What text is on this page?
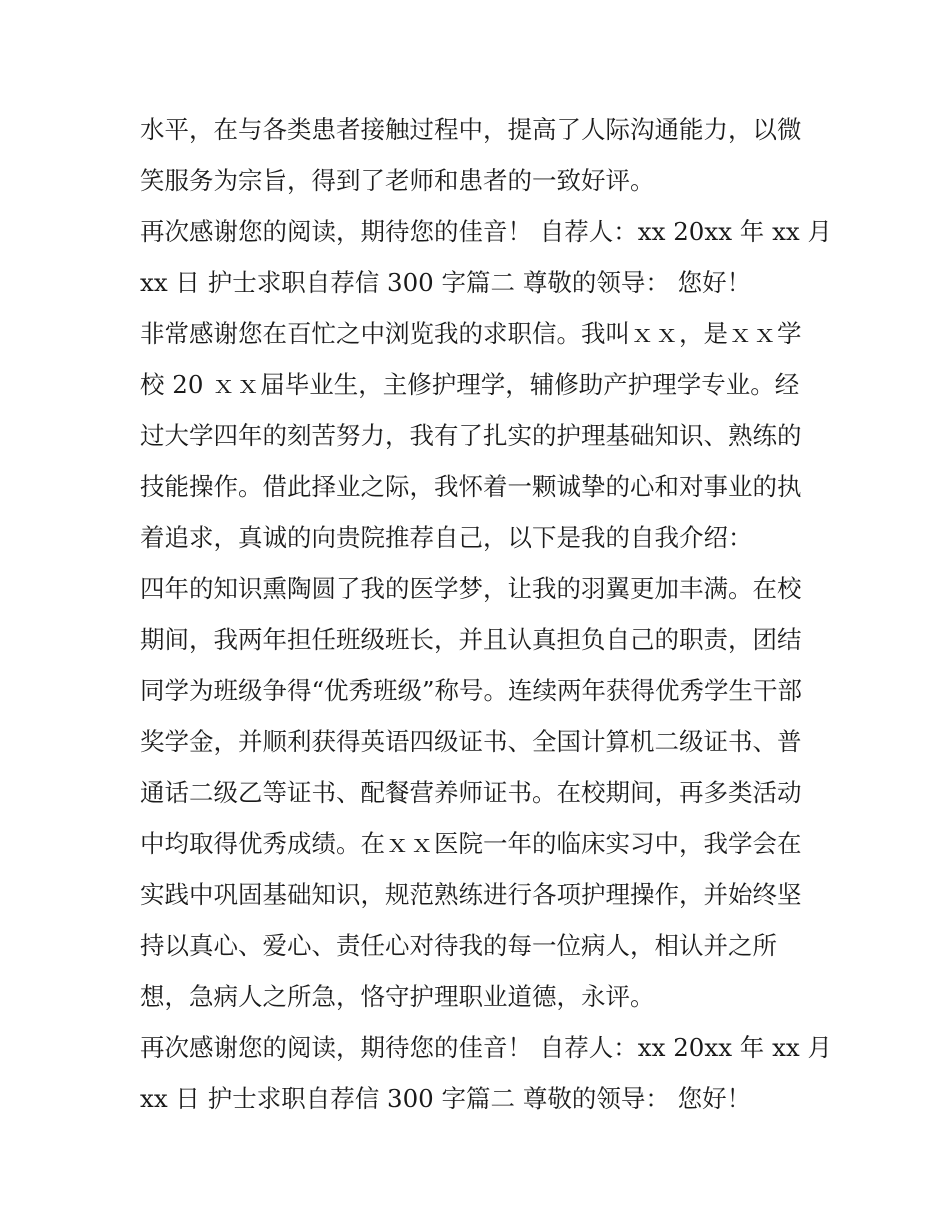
水平，在与各类患者接触过程中，提高了人际沟通能力，以微
笑服务为宗旨，得到了老师和患者的一致好评。
再次感谢您的阅读，期待您的佳音！ 自荐人：xx 20xx 年 xx 月
xx 日 护士求职自荐信 300 字篇二 尊敬的领导： 您好！
非常感谢您在百忙之中浏览我的求职信。我叫ｘｘ，是ｘｘ学
校 20 ｘｘ届毕业生，主修护理学，辅修助产护理学专业。经
过大学四年的刻苦努力，我有了扎实的护理基础知识、熟练的
技能操作。借此择业之际，我怀着一颗诚挚的心和对事业的执
着追求，真诚的向贵院推荐自己，以下是我的自我介绍：
四年的知识熏陶圆了我的医学梦，让我的羽翼更加丰满。在校
期间，我两年担任班级班长，并且认真担负自己的职责，团结
同学为班级争得“优秀班级”称号。连续两年获得优秀学生干部
奖学金，并顺利获得英语四级证书、全国计算机二级证书、普
通话二级乙等证书、配餐营养师证书。在校期间，再多类活动
中均取得优秀成绩。在ｘｘ医院一年的临床实习中，我学会在
实践中巩固基础知识，规范熟练进行各项护理操作，并始终坚
持以真心、爱心、责任心对待我的每一位病人，相认并之所
想，急病人之所急，恪守护理职业道德，永评。
再次感谢您的阅读，期待您的佳音！ 自荐人：xx 20xx 年 xx 月
xx 日 护士求职自荐信 300 字篇二 尊敬的领导： 您好！
